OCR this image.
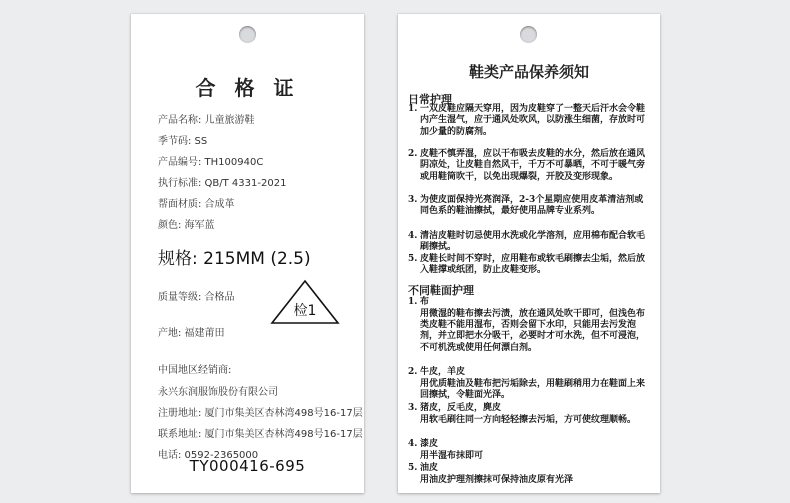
合 格 证
产品名称: 儿童旅游鞋
季节码: SS
产品编号: TH100940C
执行标准: QB/T 4331-2021
帮面材质: 合成革
颜色: 海军蓝
规格: 215MM (2.5)
质量等级: 合格品
检1
产地: 福建莆田
中国地区经销商:
永兴东润服饰股份有限公司
注册地址: 厦门市集美区杏林湾498号16-17层
联系地址: 厦门市集美区杏林湾498号16-17层
电话: 0592-2365000
TY000416-695
鞋类产品保养须知
日常护理
1. 一双皮鞋应隔天穿用，因为皮鞋穿了一整天后汗水会令鞋内产生湿气，应于通风处吹风，以防涨生细菌，存放时可加少量的防腐剂。
2. 皮鞋不慎弄湿，应以干布吸去皮鞋的水分，然后放在通风阴凉处，让皮鞋自然风干，千万不可暴晒，不可于暖气旁或用鞋筒吹干，以免出现爆裂，开胶及变形现象。
3. 为使皮面保持光亮润泽，2-3个星期应使用皮革清洁剂或同色系的鞋油擦拭，最好使用品牌专业系列。
4. 清洁皮鞋时切忌使用水洗或化学溶剂，应用棉布配合软毛刷擦拭。
5. 皮鞋长时间不穿时，应用鞋布或软毛刷擦去尘垢，然后放入鞋撑或纸团，防止皮鞋变形。
不同鞋面护理
1. 布
用微湿的鞋布擦去污渍，放在通风处吹干即可，但浅色布类皮鞋不能用湿布，否则会留下水印，只能用去污发泡剂，并立即把水分吸干，必要时才可水洗，但不可浸泡，不可机洗或使用任何漂白剂。
2. 牛皮，羊皮
用优质鞋油及鞋布把污垢除去，用鞋刷稍用力在鞋面上来回擦拭，令鞋面光泽。
3. 猪皮，反毛皮，麂皮
用软毛刷往同一方向轻轻擦去污垢，方可使纹理顺畅。
4. 漆皮
用半湿布抹即可
5. 油皮
用油皮护理剂擦抹可保持油皮原有光泽
